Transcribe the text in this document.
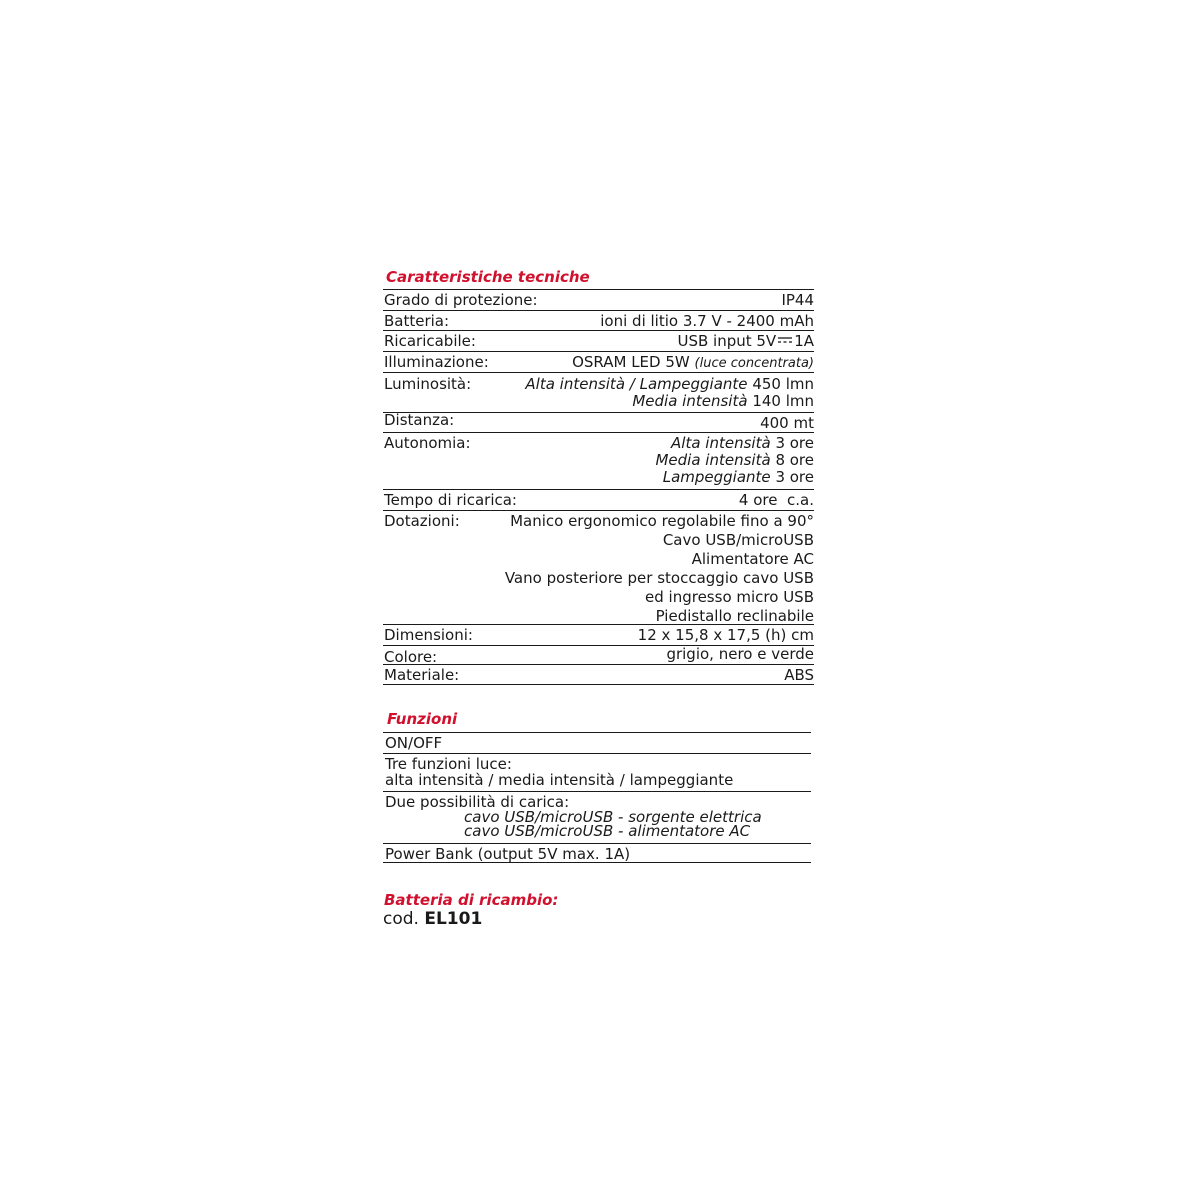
Caratteristiche tecniche
Grado di protezione:	IP44
Batteria:	ioni di litio 3.7 V - 2400 mAh
Ricaricabile:	USB input 5V 1A
Illuminazione:	OSRAM LED 5W (luce concentrata)
Luminosità:	Alta intensità / Lampeggiante 450 lmn
Media intensità 140 lmn
Distanza:	400 mt
Autonomia:	Alta intensità 3 ore
Media intensità 8 ore
Lampeggiante 3 ore
Tempo di ricarica:	4 ore  c.a.
Dotazioni:	Manico ergonomico regolabile fino a 90°
Cavo USB/microUSB
Alimentatore AC
Vano posteriore per stoccaggio cavo USB
ed ingresso micro USB
Piedistallo reclinabile
Dimensioni:	12 x 15,8 x 17,5 (h) cm
Colore:	grigio, nero e verde
Materiale:	ABS
Funzioni
ON/OFF
Tre funzioni luce:
alta intensità / media intensità / lampeggiante
Due possibilità di carica:
cavo USB/microUSB - sorgente elettrica
cavo USB/microUSB - alimentatore AC
Power Bank (output 5V max. 1A)
Batteria di ricambio:
cod. EL101
